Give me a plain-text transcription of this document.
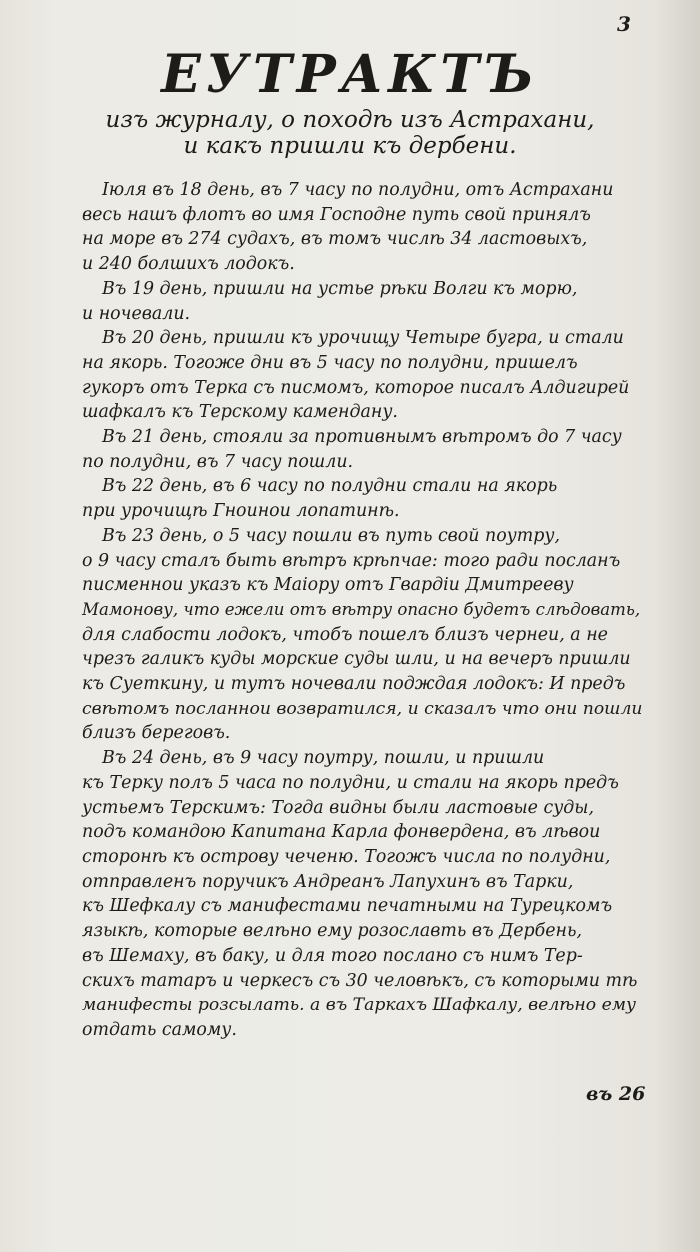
3
ЕУТРАКТЪ

изъ журналу, о походѣ изъ Астрахани,

и какъ пришли къ дербени.

Іюля въ 18 день, въ 7 часу по полудни, отъ Астрахани
весь нашъ флотъ во имя Господне путь свой принялъ
на море въ 274 судахъ, въ томъ числѣ 34 ластовыхъ,
и 240 болшихъ лодокъ.
Въ 19 день, пришли на устье рѣки Волги къ морю,
и ночевали.
Въ 20 день, пришли къ урочищу Четыре бугра, и стали
на якорь. Тогоже дни въ 5 часу по полудни, пришелъ
гукоръ отъ Терка съ писмомъ, которое писалъ Алдигирей
шафкалъ къ Терскому камендану.
Въ 21 день, стояли за противнымъ вѣтромъ до 7 часу
по полудни, въ 7 часу пошли.
Въ 22 день, въ 6 часу по полудни стали на якорь
при урочищѣ Гноинои лопатинѣ.
Въ 23 день, о 5 часу пошли въ путь свой поутру,
о 9 часу сталъ быть вѣтръ крѣпчае: того ради посланъ
писменнои указъ къ Маіору отъ Гвардіи Дмитрееву
Мамонову, что ежели отъ вѣтру опасно будетъ слѣдовать,
для слабости лодокъ, чтобъ пошелъ близъ чернеи, а не
чрезъ галикъ куды морские суды шли, и на вечеръ пришли
къ Суеткину, и тутъ ночевали подждая лодокъ: И предъ
свѣтомъ посланнои возвратился, и сказалъ что они пошли
близъ береговъ.
Въ 24 день, въ 9 часу поутру, пошли, и пришли
къ Терку полъ 5 часа по полудни, и стали на якорь предъ
устьемъ Терскимъ: Тогда видны были ластовые суды,
подъ командою Капитана Карла фонвердена, въ лѣвои
сторонѣ къ острову чеченю. Тогожъ числа по полудни,
отправленъ поручикъ Андреанъ Лапухинъ въ Тарки,
къ Шефкалу съ манифестами печатными на Турецкомъ
языкѣ, которые велѣно ему розославть въ Дербень,
въ Шемаху, въ баку, и для того послано съ нимъ Тер-
скихъ татаръ и черкесъ съ 30 человѣкъ, съ которыми тѣ
манифесты розсылать. а въ Таркахъ Шафкалу, велѣно ему
отдать самому.
въ 26
